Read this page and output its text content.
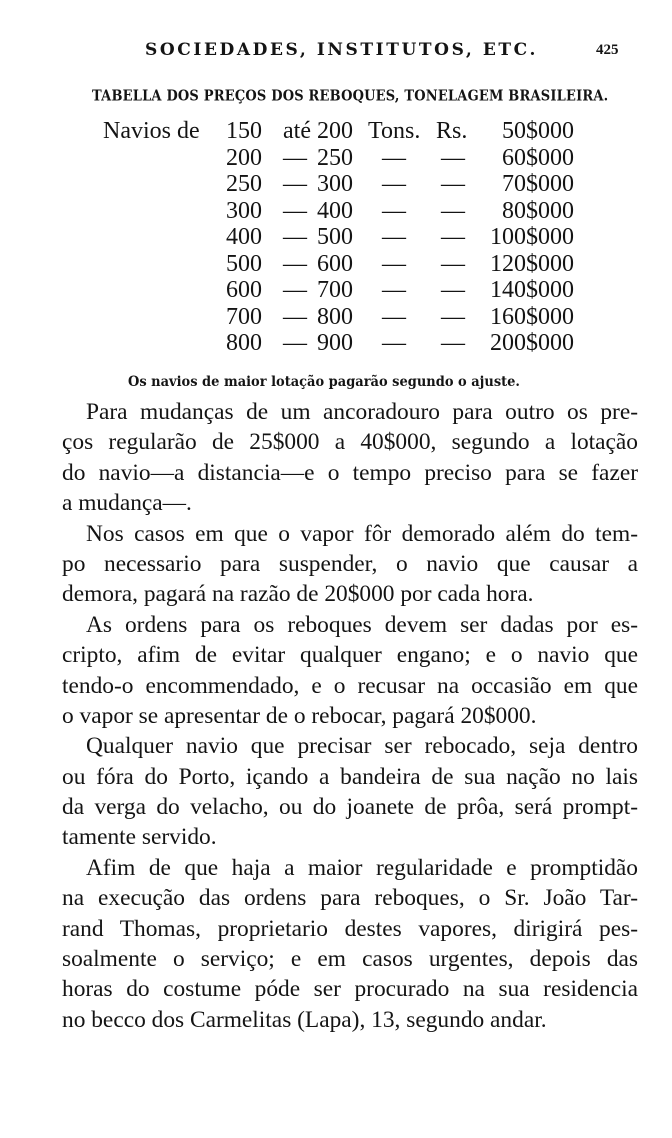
SOCIEDADES, INSTITUTOS, ETC.	425
TABELLA DOS PREÇOS DOS REBOQUES, TONELAGEM BRASILEIRA.
Navios de 150 até 200 Tons. Rs. 50$000
200 — 250 — — 60$000
250 — 300 — — 70$000
300 — 400 — — 80$000
400 — 500 — — 100$000
500 — 600 — — 120$000
600 — 700 — — 140$000
700 — 800 — — 160$000
800 — 900 — — 200$000
Os navios de maior lotação pagarão segundo o ajuste.
Para mudanças de um ancoradouro para outro os pre-
ços regularão de 25$000 a 40$000, segundo a lotação
do navio—a distancia—e o tempo preciso para se fazer
a mudança—.
Nos casos em que o vapor fôr demorado além do tem-
po necessario para suspender, o navio que causar a
demora, pagará na razão de 20$000 por cada hora.
As ordens para os reboques devem ser dadas por es-
cripto, afim de evitar qualquer engano; e o navio que
tendo-o encommendado, e o recusar na occasião em que
o vapor se apresentar de o rebocar, pagará 20$000.
Qualquer navio que precisar ser rebocado, seja dentro
ou fóra do Porto, içando a bandeira de sua nação no lais
da verga do velacho, ou do joanete de prôa, será prompt-
tamente servido.
Afim de que haja a maior regularidade e promptidão
na execução das ordens para reboques, o Sr. João Tar-
rand Thomas, proprietario destes vapores, dirigirá pes-
soalmente o serviço; e em casos urgentes, depois das
horas do costume póde ser procurado na sua residencia
no becco dos Carmelitas (Lapa), 13, segundo andar.
